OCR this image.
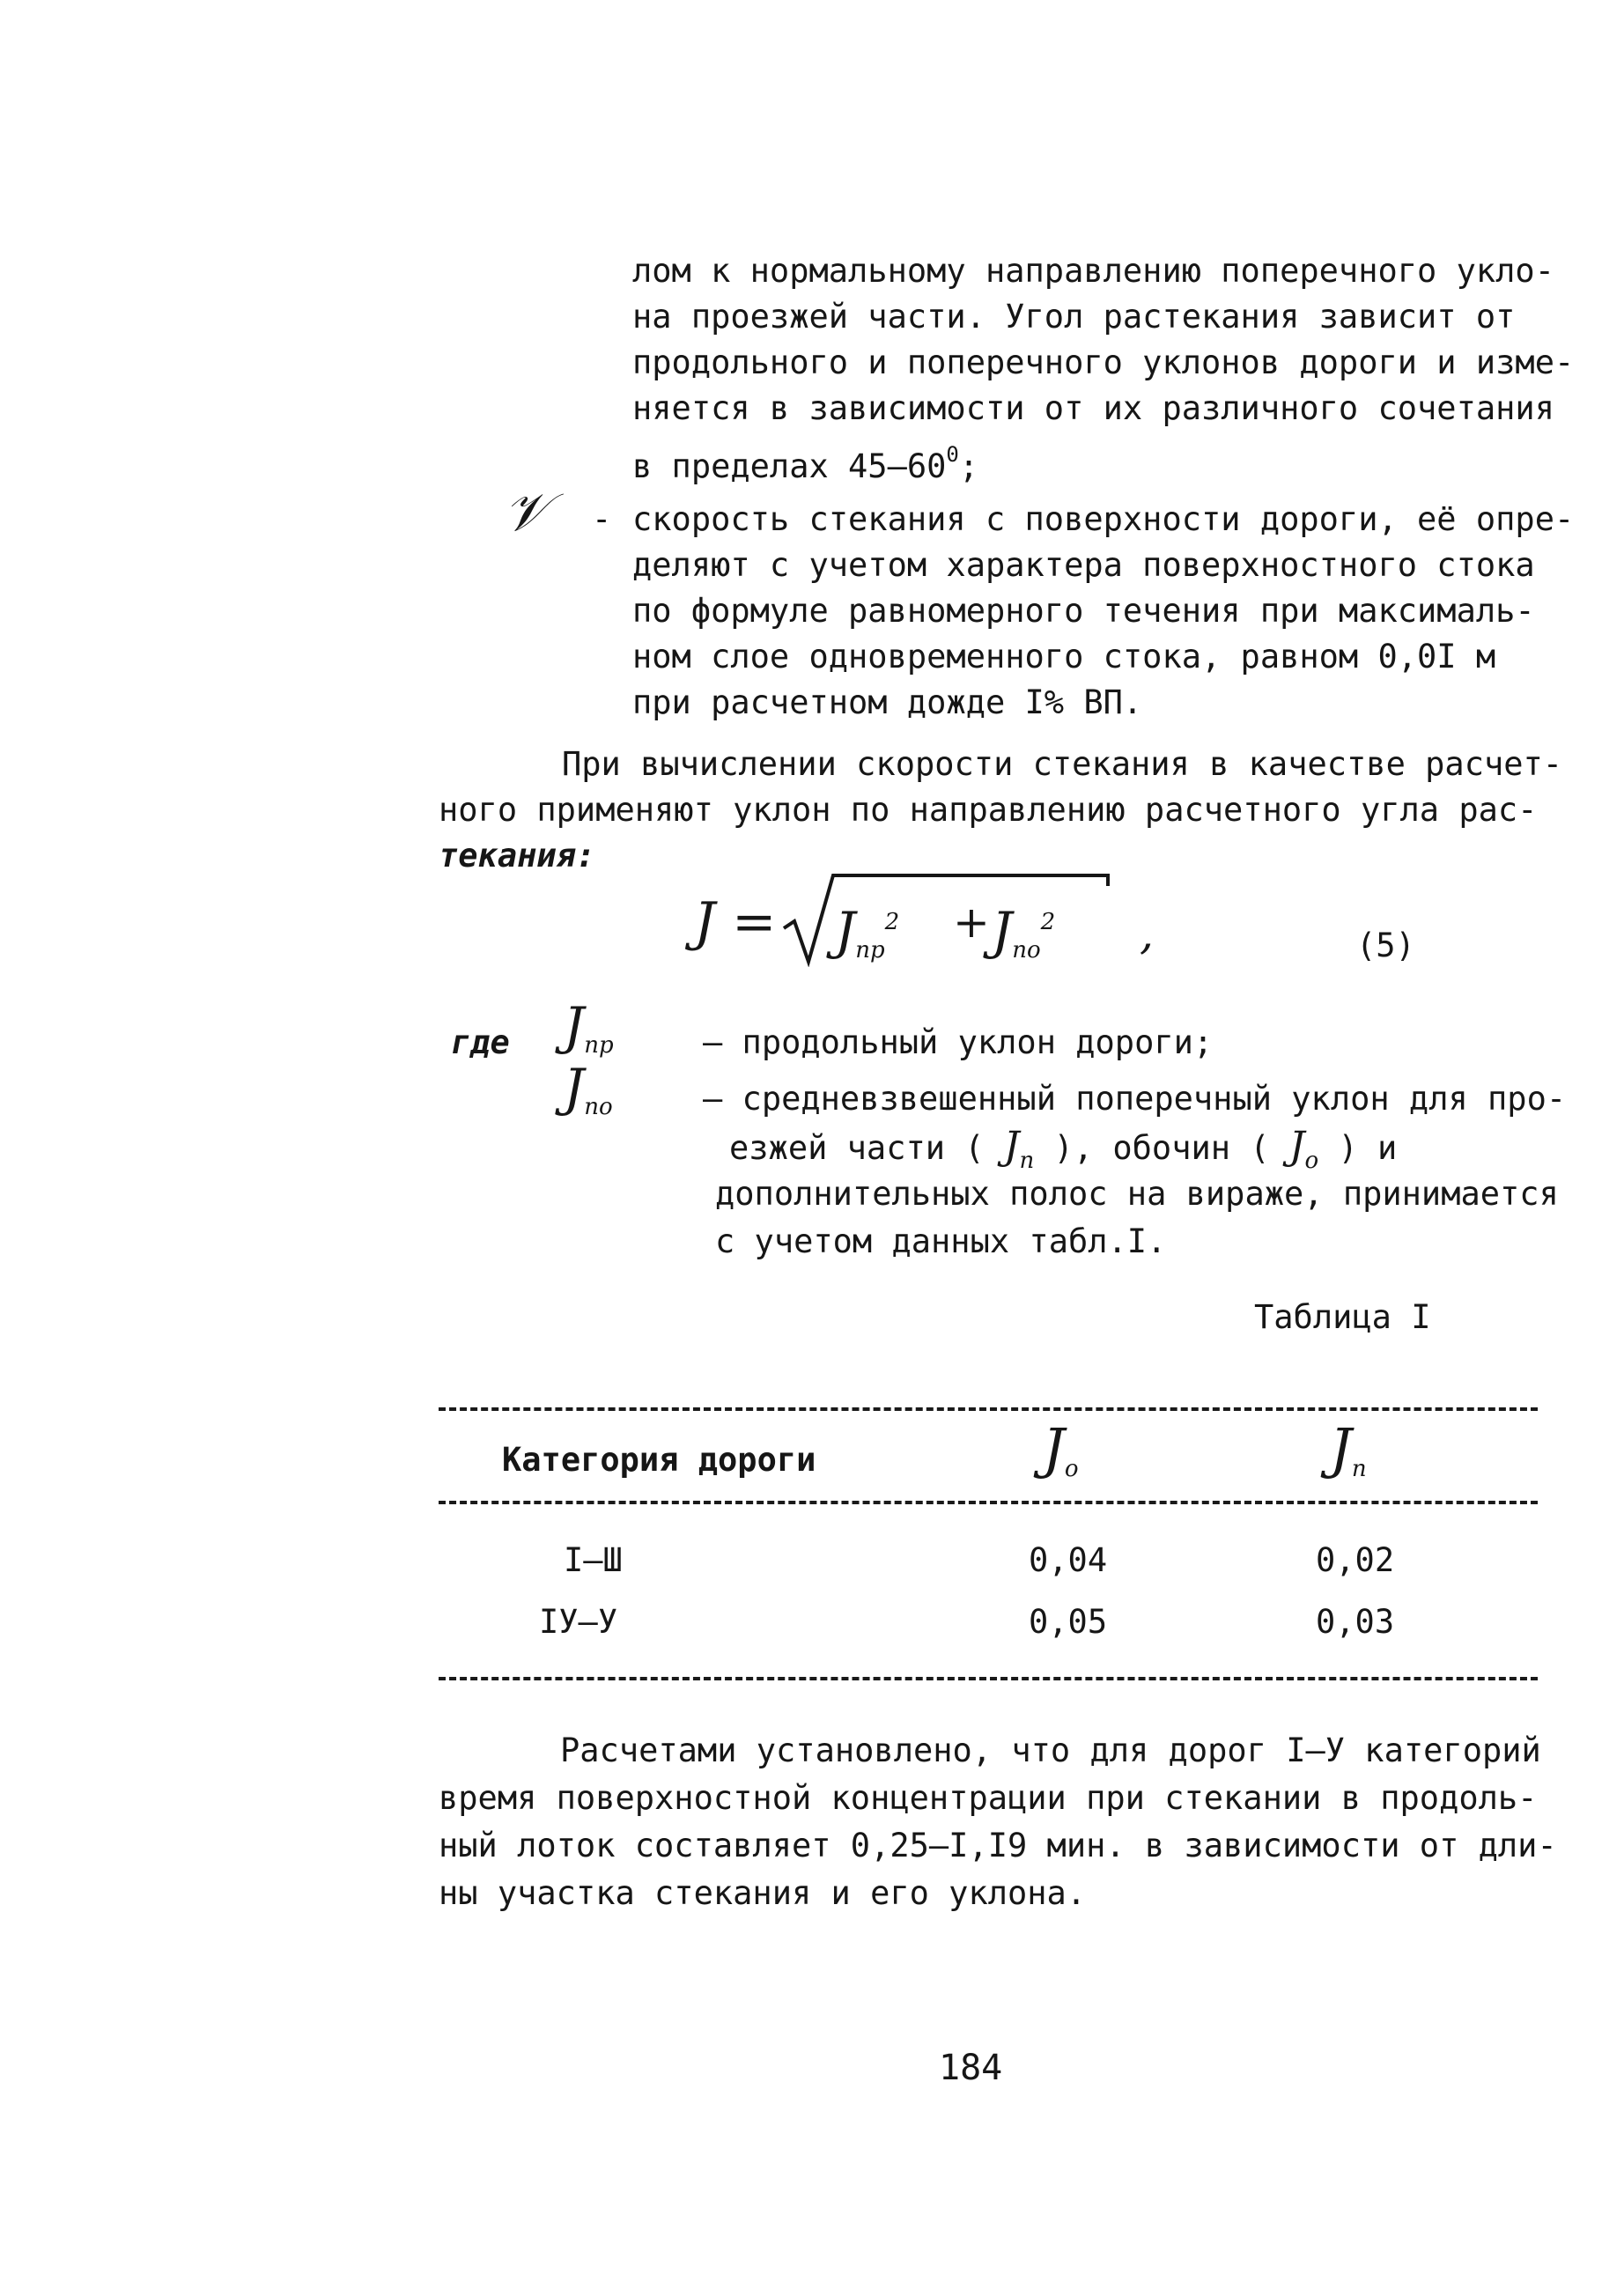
лом к нормальному направлению поперечного укло-
на проезжей части. Угол растекания зависит от
продольного и поперечного уклонов дороги и изме-
няется в зависимости от их различного сочетания
в пределах $45-60^0$;
𝒱 - скорость стекания с поверхности дороги, её опре-
деляют с учетом характера поверхностного стока
по формуле равномерного течения при максималь-
ном слое одновременного стока, равном 0,0I м
при расчетном дожде I% ВП.
При вычислении скорости стекания в качестве расчет-
ного применяют уклон по направлению расчетного угла рас-
текания:
$J = J_{пр}^2 + J_{по}^2$ ,	(5)
где $J_{пр}$	– продольный уклон дороги;
$J_{по}$	– средневзвешенный поперечный уклон для про-
езжей части ( $J_п$ ), обочин ( $J_о$ ) и
дополнительных полос на вираже, принимается
с учетом данных табл.I.
Таблица I
Категория дороги	$J_о$	$J_п$
I–Ш	0,04	0,02
IУ–У	0,05	0,03
Расчетами установлено, что для дорог I–У категорий
время поверхностной концентрации при стекании в продоль-
ный лоток составляет 0,25–I,I9 мин. в зависимости от дли-
ны участка стекания и его уклона.
184
